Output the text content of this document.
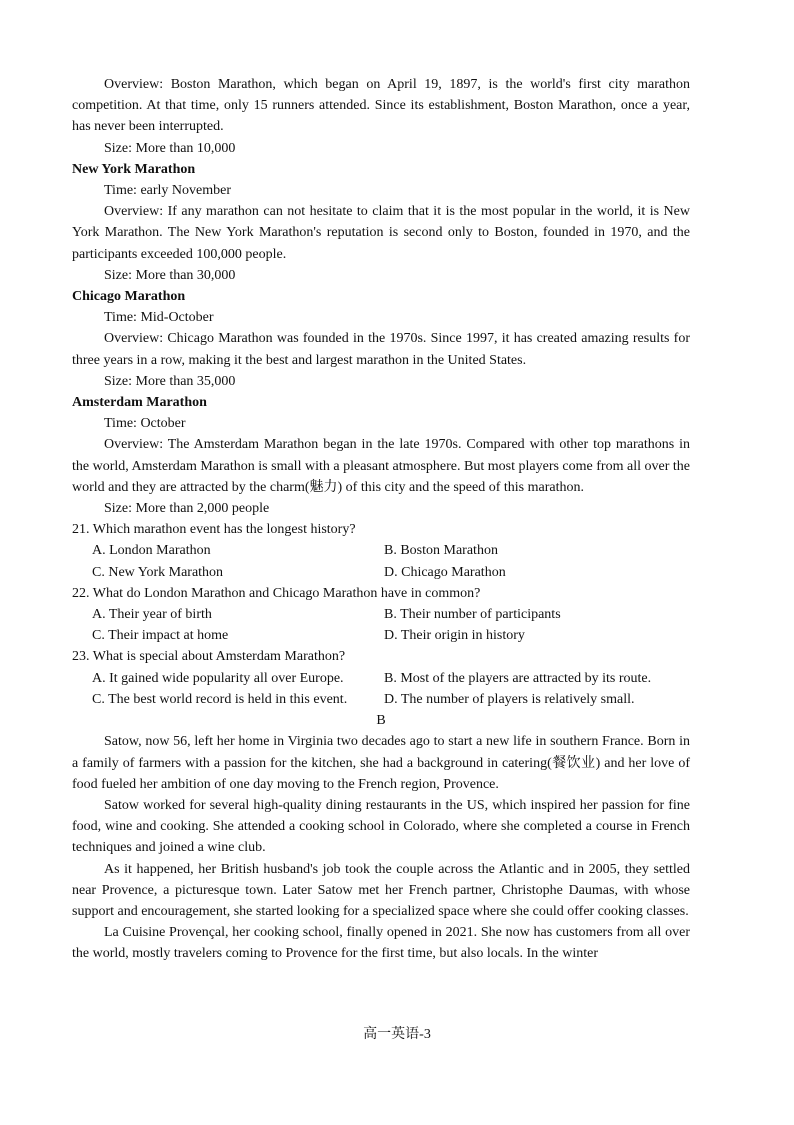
Overview: Boston Marathon, which began on April 19, 1897, is the world's first city marathon competition. At that time, only 15 runners attended. Since its establishment, Boston Marathon, once a year, has never been interrupted.

Size: More than 10,000

New York Marathon

Time: early November

Overview: If any marathon can not hesitate to claim that it is the most popular in the world, it is New York Marathon. The New York Marathon's reputation is second only to Boston, founded in 1970, and the participants exceeded 100,000 people.

Size: More than 30,000

Chicago Marathon

Time: Mid-October

Overview: Chicago Marathon was founded in the 1970s. Since 1997, it has created amazing results for three years in a row, making it the best and largest marathon in the United States.

Size: More than 35,000

Amsterdam Marathon

Time: October

Overview: The Amsterdam Marathon began in the late 1970s. Compared with other top marathons in the world, Amsterdam Marathon is small with a pleasant atmosphere. But most players come from all over the world and they are attracted by the charm(魅力) of this city and the speed of this marathon.

Size: More than 2,000 people

21. Which marathon event has the longest history?

A. London Marathon	B. Boston Marathon
C. New York Marathon	D. Chicago Marathon

22. What do London Marathon and Chicago Marathon have in common?

A. Their year of birth	B. Their number of participants
C. Their impact at home	D. Their origin in history

23. What is special about Amsterdam Marathon?

A. It gained wide popularity all over Europe.	B. Most of the players are attracted by its route.
C. The best world record is held in this event.	D. The number of players is relatively small.

B

Satow, now 56, left her home in Virginia two decades ago to start a new life in southern France. Born in a family of farmers with a passion for the kitchen, she had a background in catering(餐饮业) and her love of food fueled her ambition of one day moving to the French region, Provence.

Satow worked for several high-quality dining restaurants in the US, which inspired her passion for fine food, wine and cooking. She attended a cooking school in Colorado, where she completed a course in French techniques and joined a wine club.

As it happened, her British husband's job took the couple across the Atlantic and in 2005, they settled near Provence, a picturesque town. Later Satow met her French partner, Christophe Daumas, with whose support and encouragement, she started looking for a specialized space where she could offer cooking classes.

La Cuisine Provençal, her cooking school, finally opened in 2021. She now has customers from all over the world, mostly travelers coming to Provence for the first time, but also locals. In the winter

高一英语-3
